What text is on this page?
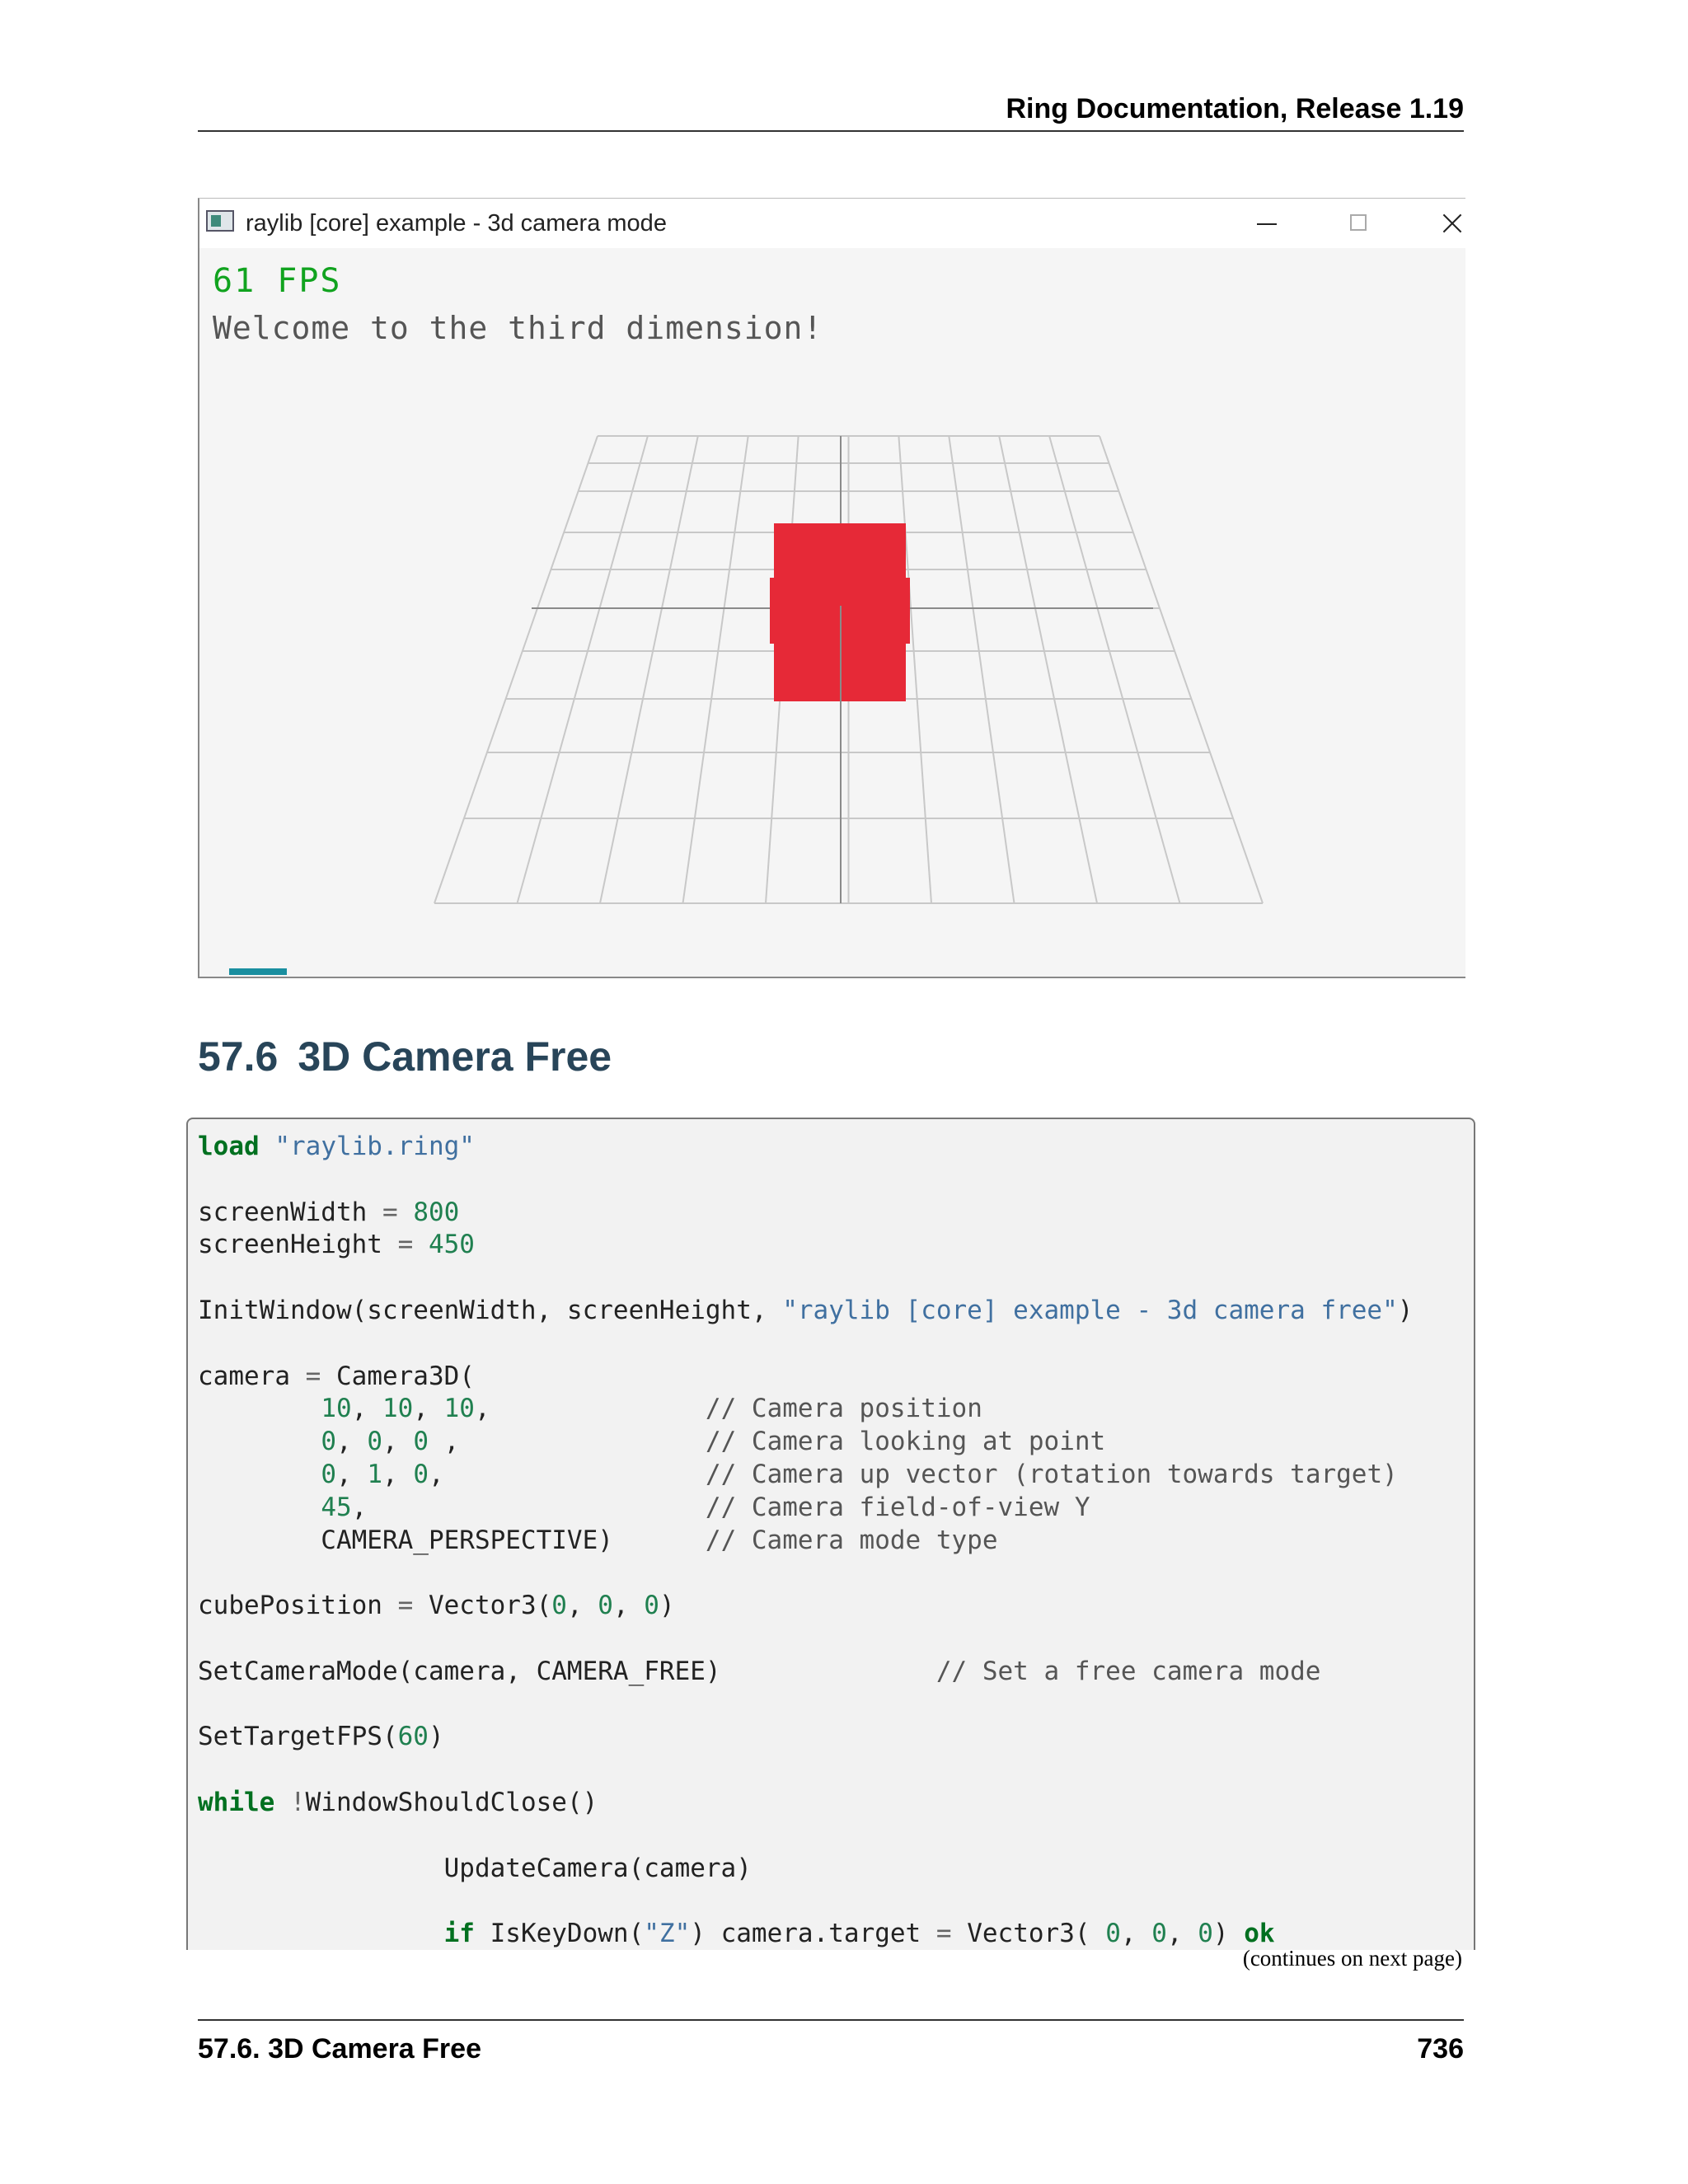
Ring Documentation, Release 1.19
raylib [core] example - 3d camera mode
61 FPS
Welcome to the third dimension!
57.6 3D Camera Free
load "raylib.ring"

screenWidth = 800
screenHeight = 450

InitWindow(screenWidth, screenHeight, "raylib [core] example - 3d camera free")

camera = Camera3D(
10, 10, 10,              // Camera position
0, 0, 0 ,                // Camera looking at point
0, 1, 0,                 // Camera up vector (rotation towards target)
45,                      // Camera field-of-view Y
CAMERA_PERSPECTIVE)      // Camera mode type

cubePosition = Vector3(0, 0, 0)

SetCameraMode(camera, CAMERA_FREE)              // Set a free camera mode

SetTargetFPS(60)

while !WindowShouldClose()

UpdateCamera(camera)

if IsKeyDown("Z") camera.target = Vector3( 0, 0, 0) ok
(continues on next page)
57.6. 3D Camera Free	736
